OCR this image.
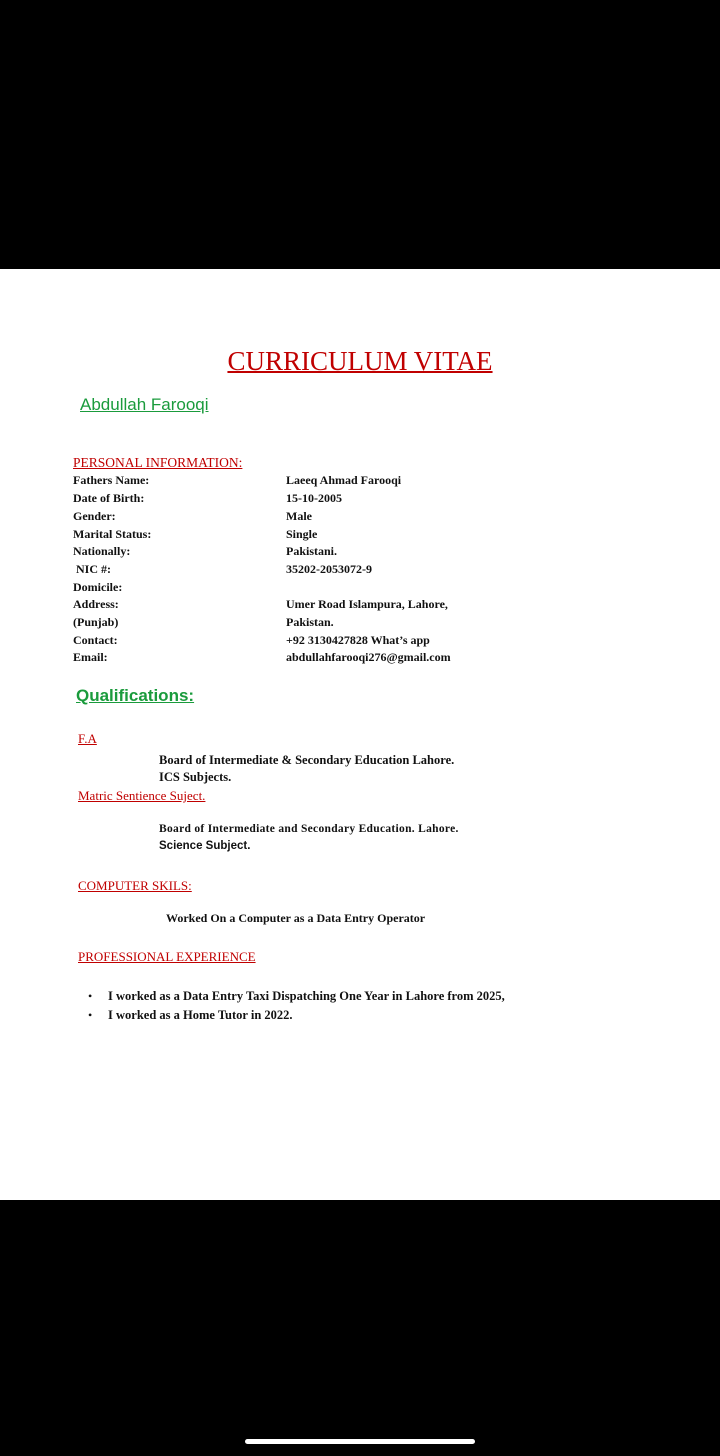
CURRICULUM VITAE
Abdullah Farooqi
PERSONAL INFORMATION:
Fathers Name:
Date of Birth:
Gender:
Marital Status:
Nationally:
NIC #:
Domicile:
Address:
(Punjab)
Contact:
Email:
Laeeq Ahmad Farooqi
15-10-2005
Male
Single
Pakistani.
35202-2053072-9
Umer Road Islampura, Lahore,
Pakistan.
+92 3130427828 What’s app
abdullahfarooqi276@gmail.com
Qualifications:
F.A
Board of Intermediate & Secondary Education Lahore.
ICS Subjects.
Matric Sentience Suject.
Board of Intermediate and Secondary Education. Lahore.
Science Subject.
COMPUTER SKILS:
Worked On a Computer as a Data Entry Operator
PROFESSIONAL EXPERIENCE
• I worked as a Data Entry Taxi Dispatching One Year in Lahore from 2025,
• I worked as a Home Tutor in 2022.
